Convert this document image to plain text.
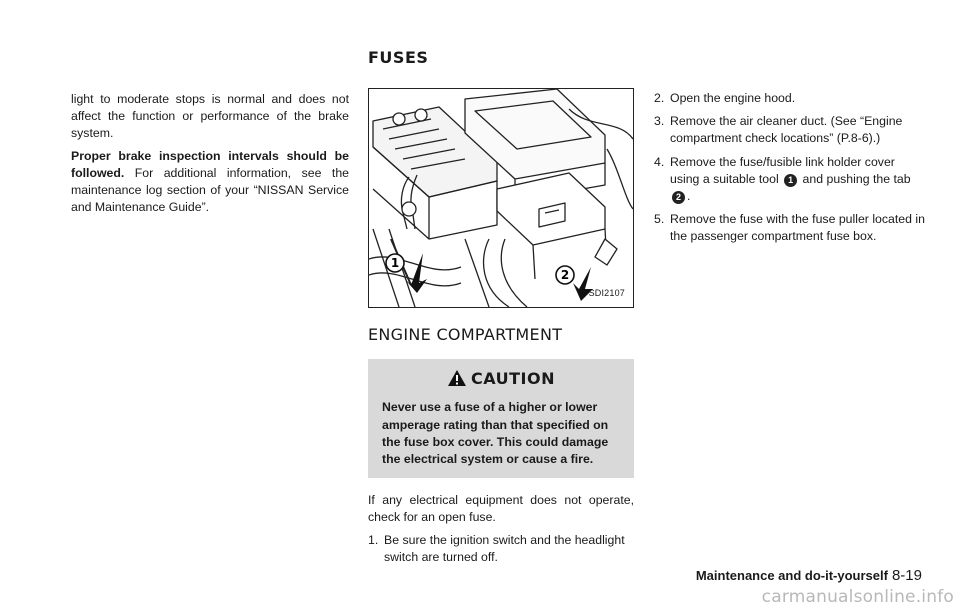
FUSES

light to moderate stops is normal and does not affect the function or performance of the brake system.

Proper brake inspection intervals should be followed. For additional information, see the maintenance log section of your “NISSAN Service and Maintenance Guide”.

1
2
SDI2107
ENGINE COMPARTMENT
CAUTION

Never use a fuse of a higher or lower amperage rating than that specified on the fuse box cover. This could damage the electrical system or cause a fire.

If any electrical equipment does not operate, check for an open fuse.

1. Be sure the ignition switch and the headlight switch are turned off.
2. Open the engine hood.
3. Remove the air cleaner duct. (See “Engine compartment check locations” (P.8-6).)
4. Remove the fuse/fusible link holder cover using a suitable tool 1 and pushing the tab 2 .
5. Remove the fuse with the fuse puller located in the passenger compartment fuse box.
Maintenance and do-it-yourself 8-19
carmanualsonline.info
